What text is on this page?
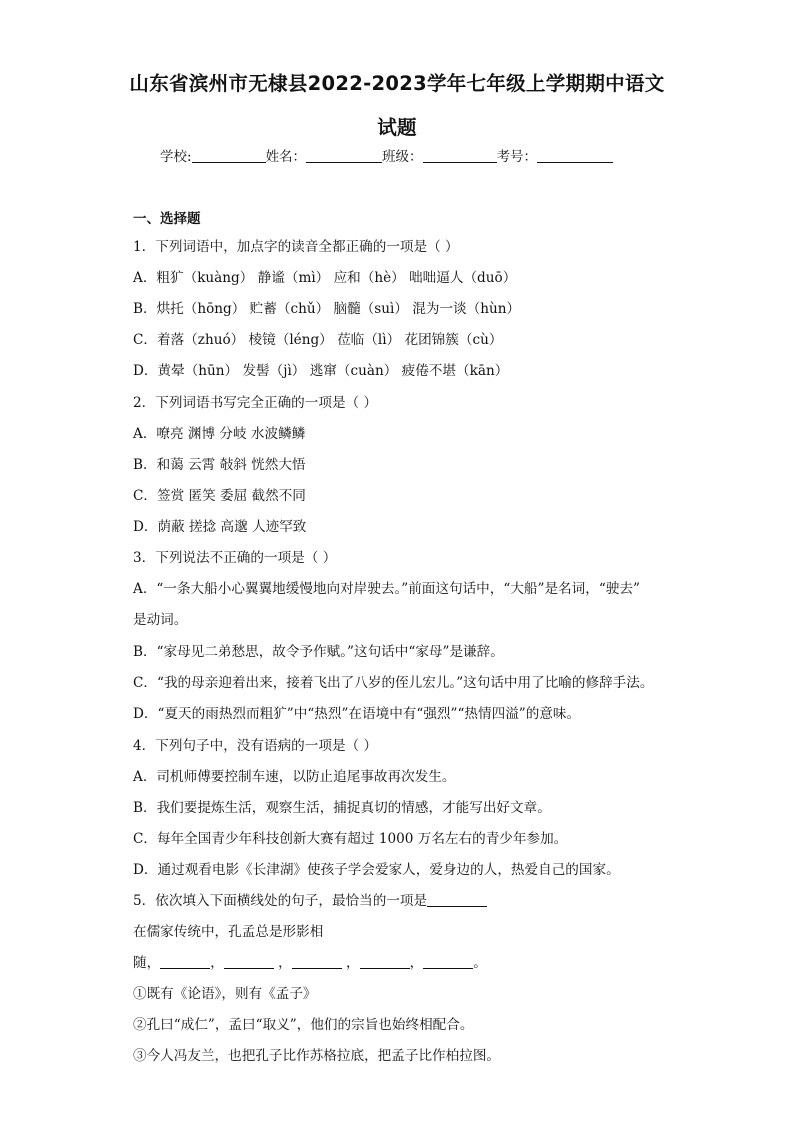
山东省滨州市无棣县2022-2023学年七年级上学期期中语文
试题
学校:	姓名：	班级：	考号：
一、选择题
1．下列词语中，加点字的读音全都正确的一项是（ ）
A．粗犷（kuàng） 静谧（mì） 应和（hè） 咄咄逼人（duō）
B．烘托（hōng） 贮蓄（chǔ） 脑髓（suì） 混为一谈（hùn）
C．着落（zhuó） 棱镜（léng） 莅临（lì） 花团锦簇（cù）
D．黄晕（hūn） 发髻（jì） 逃窜（cuàn） 疲倦不堪（kān）
2．下列词语书写完全正确的一项是（ ）
A．嘹亮 渊博 分岐 水波鳞鳞
B．和蔼 云霄 敧斜 恍然大悟
C．签赏 匿笑 委屈 截然不同
D．荫蔽 搓捻 高邈 人迹罕致
3．下列说法不正确的一项是（ ）
A．“一条大船小心翼翼地缓慢地向对岸驶去。”前面这句话中，“大船”是名词，“驶去”
是动词。
B．“家母见二弟愁思，故令予作赋。”这句话中“家母”是谦辞。
C．“我的母亲迎着出来，接着飞出了八岁的侄儿宏儿。”这句话中用了比喻的修辞手法。
D．“夏天的雨热烈而粗犷”中“热烈”在语境中有“强烈”“热情四溢”的意味。
4．下列句子中，没有语病的一项是（ ）
A．司机师傅要控制车速，以防止追尾事故再次发生。
B．我们要提炼生活，观察生活，捕捉真切的情感，才能写出好文章。
C．每年全国青少年科技创新大赛有超过 1000 万名左右的青少年参加。
D．通过观看电影《长津湖》使孩子学会爱家人，爱身边的人，热爱自己的国家。
5．依次填入下面横线处的句子，最恰当的一项是
在儒家传统中，孔孟总是形影相
随，	，	，	，	，	。
①既有《论语》，则有《孟子》
②孔曰“成仁”，孟曰“取义”，他们的宗旨也始终相配合。
③今人冯友兰，也把孔子比作苏格拉底，把孟子比作柏拉图。
